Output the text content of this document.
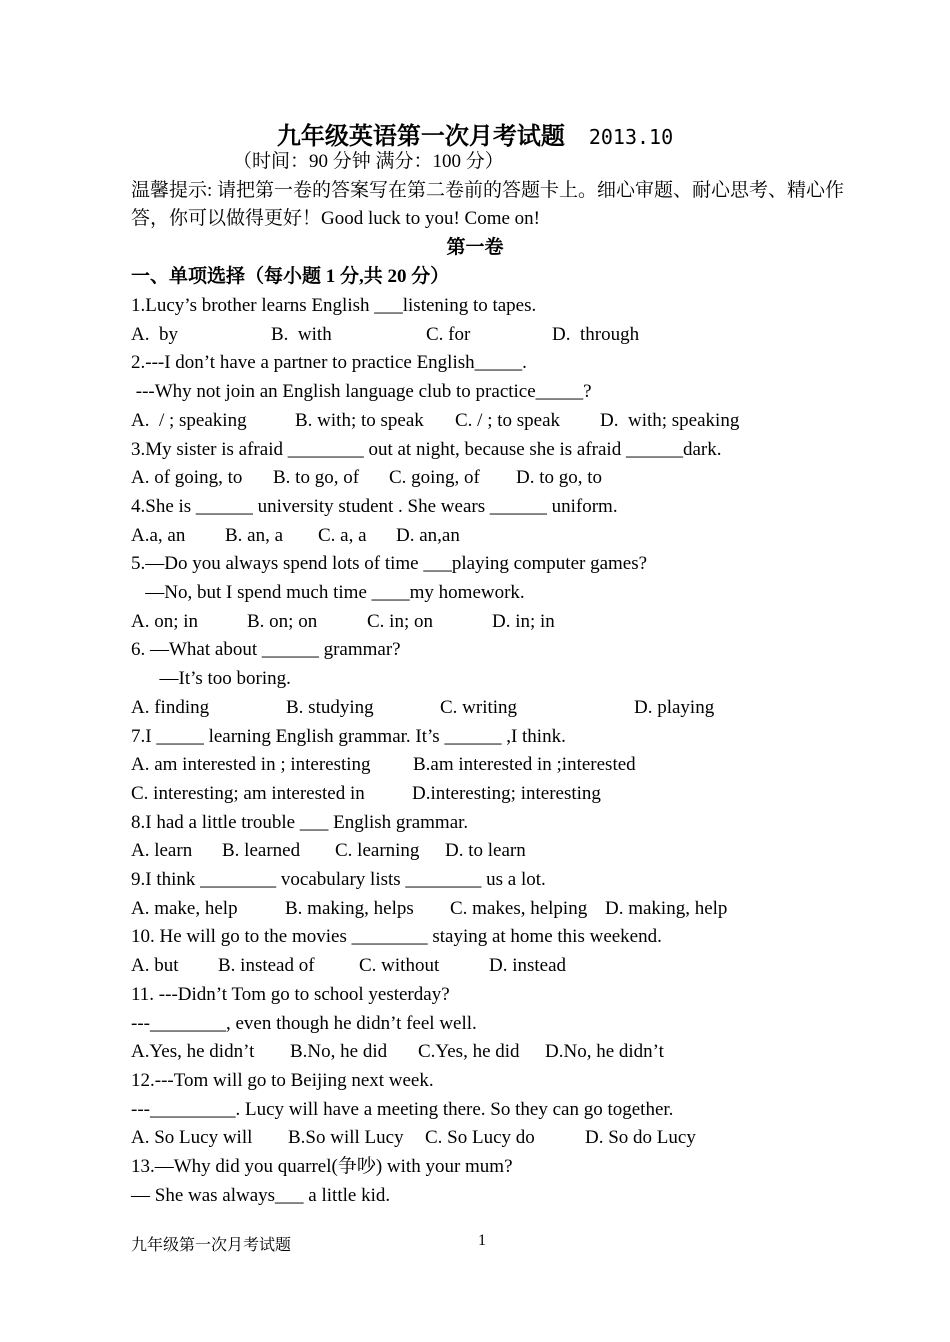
九年级英语第一次月考试题 2013.10
（时间：90 分钟 满分：100 分）
温馨提示: 请把第一卷的答案写在第二卷前的答题卡上。细心审题、耐心思考、精心作
答，你可以做得更好！Good luck to you! Come on!
第一卷
一、单项选择（每小题 1 分,共 20 分）
1.Lucy’s brother learns English ___listening to tapes.
A.  by	B.  with	C. for	D.  through
2.---I don’t have a partner to practice English_____.
---Why not join an English language club to practice_____?
A.  / ; speaking	B. with; to speak C. / ; to speak D.  with; speaking
3.My sister is afraid ________ out at night, because she is afraid ______dark.
A. of going, to B. to go, of C. going, of D. to go, to
4.She is ______ university student . She wears ______ uniform.
A.a, an B. an, a C. a, a D. an,an
5.—Do you always spend lots of time ___playing computer games?
—No, but I spend much time ____my homework.
A. on; in	B. on; on	C. in; on	D. in; in
6. —What about ______ grammar?
—It’s too boring.
A. finding	B. studying	C. writing	D. playing
7.I _____ learning English grammar. It’s ______ ,I think.
A. am interested in ; interesting B.am interested in ;interested
C. interesting; am interested in D.interesting; interesting
8.I had a little trouble ___ English grammar.
A. learn B. learned C. learning D. to learn
9.I think ________ vocabulary lists ________ us a lot.
A. make, help B. making, helps C. makes, helping D. making, help
10. He will go to the movies ________ staying at home this weekend.
A. but B. instead of C. without	D. instead
11. ---Didn’t Tom go to school yesterday?
---________, even though he didn’t feel well.
A.Yes, he didn’t B.No, he did C.Yes, he did D.No, he didn’t
12.---Tom will go to Beijing next week.
---_________. Lucy will have a meeting there. So they can go together.
A. So Lucy will B.So will Lucy C. So Lucy do	D. So do Lucy
13.—Why did you quarrel(争吵) with your mum?
— She was always___ a little kid.
九年级第一次月考试题	1
